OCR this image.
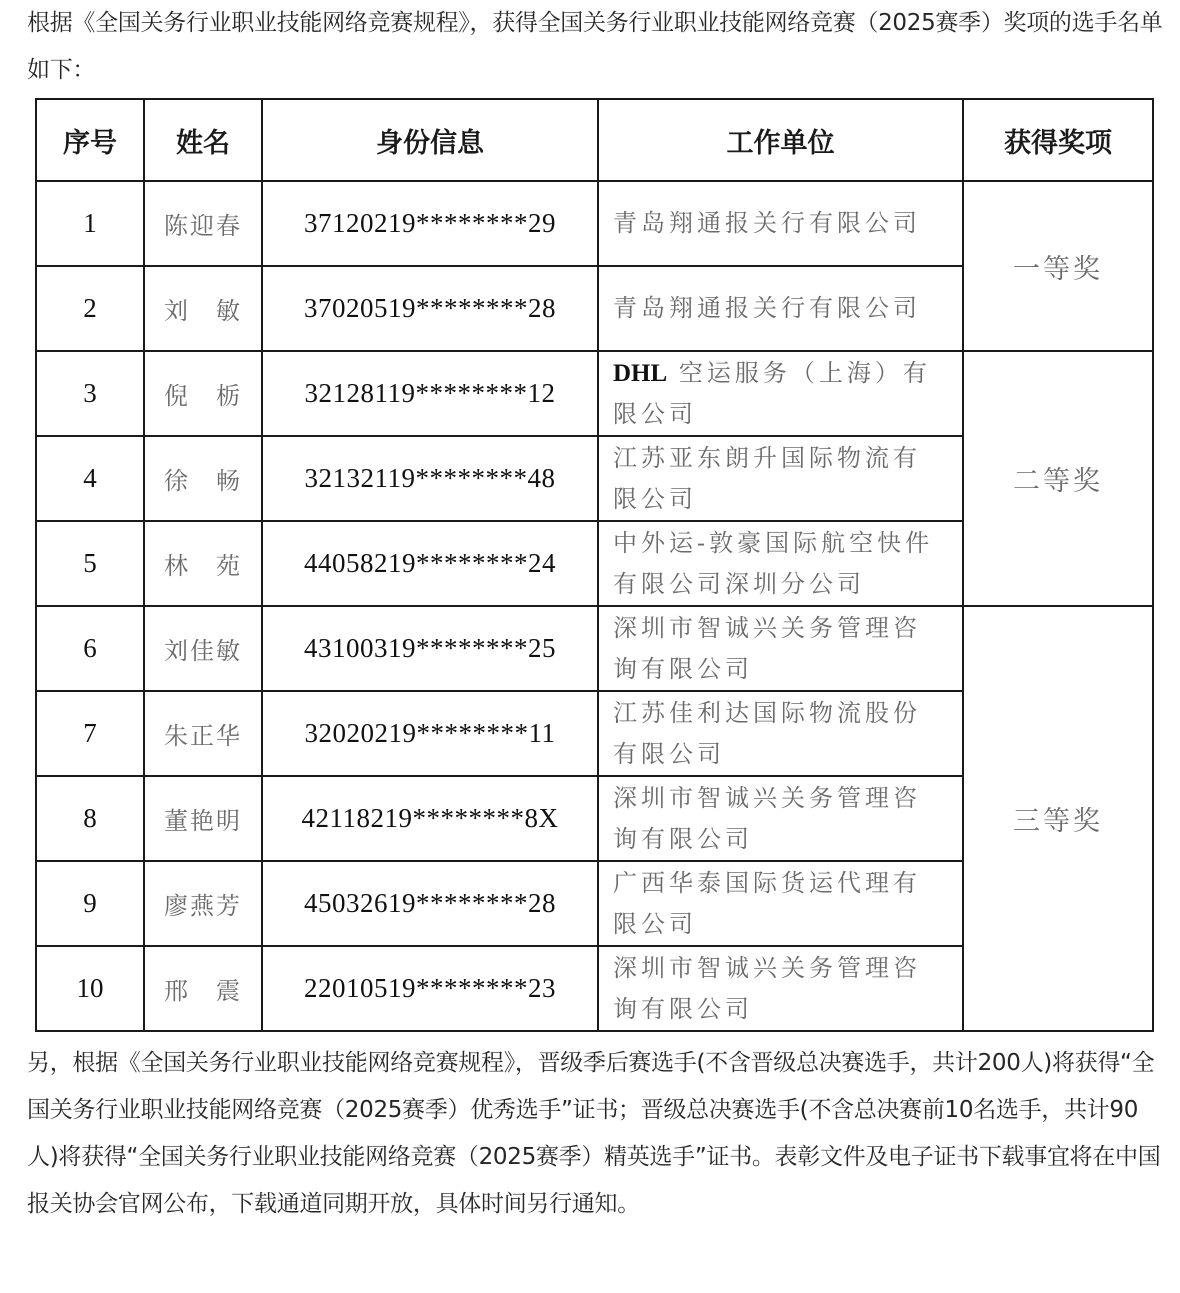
根据《全国关务行业职业技能网络竞赛规程》，获得全国关务行业职业技能网络竞赛（2025赛季）奖项的选手名单如下：

序号	姓名	身份信息	工作单位	获得奖项
1	陈迎春	37120219********29	青岛翔通报关行有限公司	一等奖
2	刘　敏	37020519********28	青岛翔通报关行有限公司	
3	倪　栃	32128119********12	DHL 空运服务（上海）有限公司	二等奖
4	徐　畅	32132119********48	江苏亚东朗升国际物流有限公司	
5	林　苑	44058219********24	中外运-敦豪国际航空快件有限公司深圳分公司	
6	刘佳敏	43100319********25	深圳市智诚兴关务管理咨询有限公司	三等奖
7	朱正华	32020219********11	江苏佳利达国际物流股份有限公司	
8	董艳明	42118219********8X	深圳市智诚兴关务管理咨询有限公司	
9	廖燕芳	45032619********28	广西华泰国际货运代理有限公司	
10	邢　震	22010519********23	深圳市智诚兴关务管理咨询有限公司	

另，根据《全国关务行业职业技能网络竞赛规程》，晋级季后赛选手(不含晋级总决赛选手，共计200人)将获得“全国关务行业职业技能网络竞赛（2025赛季）优秀选手”证书；晋级总决赛选手(不含总决赛前10名选手，共计90人)将获得“全国关务行业职业技能网络竞赛（2025赛季）精英选手”证书。表彰文件及电子证书下载事宜将在中国报关协会官网公布，下载通道同期开放，具体时间另行通知。
